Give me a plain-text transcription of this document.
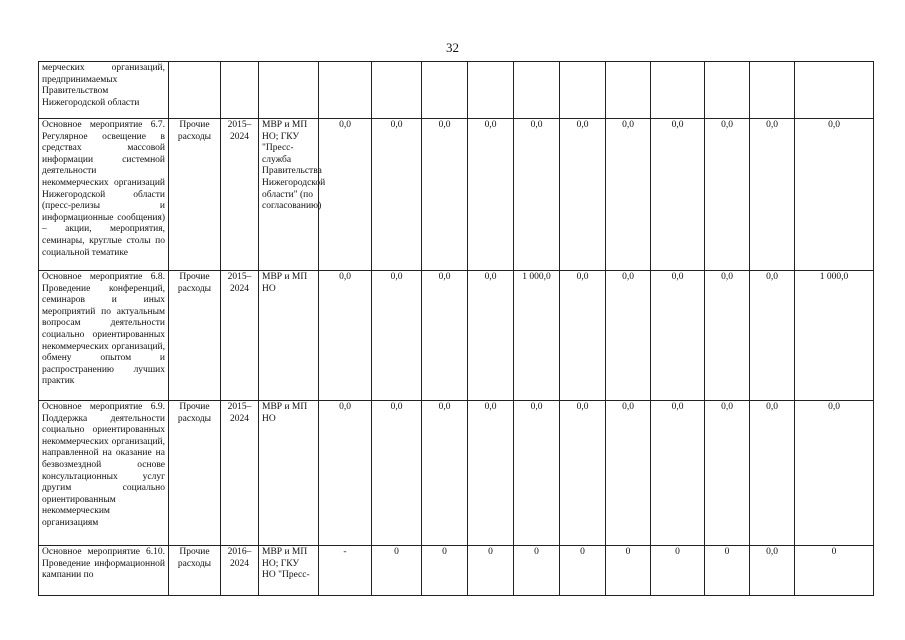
32
мерческих организаций, предпринимаемых Правительством Нижегородской области														
Основное мероприятие 6.7. Регулярное освещение в средствах массовой информации системной деятельности некоммерческих организаций Нижегородской области (пресс-релизы и информационные сообщения) – акции, мероприятия, семинары, круглые столы по социальной тематике	Прочие расходы	2015–2024	МВР и МП НО; ГКУ "Пресс-служба Правительства Нижегородской области" (по согласованию)	0,0	0,0	0,0	0,0	0,0	0,0	0,0	0,0	0,0	0,0	0,0
Основное мероприятие 6.8. Проведение конференций, семинаров и иных мероприятий по актуальным вопросам деятельности социально ориентированных некоммерческих организаций, обмену опытом и распространению лучших практик	Прочие расходы	2015–2024	МВР и МП НО	0,0	0,0	0,0	0,0	1 000,0	0,0	0,0	0,0	0,0	0,0	1 000,0
Основное мероприятие 6.9. Поддержка деятельности социально ориентированных некоммерческих организаций, направленной на оказание на безвозмездной основе консультационных услуг другим социально ориентированным некоммерческим организациям	Прочие расходы	2015–2024	МВР и МП НО	0,0	0,0	0,0	0,0	0,0	0,0	0,0	0,0	0,0	0,0	0,0
Основное мероприятие 6.10. Проведение информационной кампании по	Прочие расходы	2016–2024	МВР и МП НО; ГКУ НО "Пресс-	-	0	0	0	0	0	0	0	0	0,0	0
